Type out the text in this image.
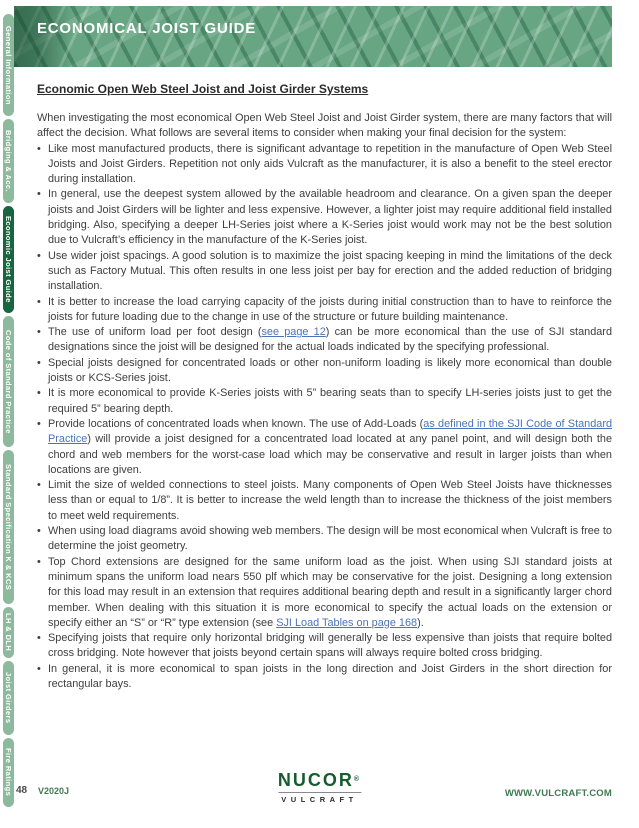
General Information
Bridging & Acc.
Economic Joist Guide
Code of Standard Practice
Standard Specification K & KCS
LH & DLH
Joist Girders
Fire Ratings
ECONOMICAL JOIST GUIDE
Economic Open Web Steel Joist and Joist Girder Systems

When investigating the most economical Open Web Steel Joist and Joist Girder system, there are many factors that will affect the decision. What follows are several items to consider when making your final decision for the system:

• Like most manufactured products, there is significant advantage to repetition in the manufacture of Open Web Steel Joists and Joist Girders. Repetition not only aids Vulcraft as the manufacturer, it is also a benefit to the steel erector during installation.
• In general, use the deepest system allowed by the available headroom and clearance. On a given span the deeper joists and Joist Girders will be lighter and less expensive. However, a lighter joist may require additional field installed bridging. Also, specifying a deeper LH-Series joist where a K-Series joist would work may not be the best solution due to Vulcraft’s efficiency in the manufacture of the K-Series joist.
• Use wider joist spacings. A good solution is to maximize the joist spacing keeping in mind the limitations of the deck such as Factory Mutual. This often results in one less joist per bay for erection and the added reduction of bridging installation.
• It is better to increase the load carrying capacity of the joists during initial construction than to have to reinforce the joists for future loading due to the change in use of the structure or future building maintenance.
• The use of uniform load per foot design (see page 12) can be more economical than the use of SJI standard designations since the joist will be designed for the actual loads indicated by the specifying professional.
• Special joists designed for concentrated loads or other non-uniform loading is likely more economical than double joists or KCS-Series joist.
• It is more economical to provide K-Series joists with 5” bearing seats than to specify LH-series joists just to get the required 5” bearing depth.
• Provide locations of concentrated loads when known. The use of Add-Loads (as defined in the SJI Code of Standard Practice) will provide a joist designed for a concentrated load located at any panel point, and will design both the chord and web members for the worst-case load which may be conservative and result in larger joists than when locations are given.
• Limit the size of welded connections to steel joists. Many components of Open Web Steel Joists have thicknesses less than or equal to 1/8”. It is better to increase the weld length than to increase the thickness of the joist members to meet weld requirements.
• When using load diagrams avoid showing web members. The design will be most economical when Vulcraft is free to determine the joist geometry.
• Top Chord extensions are designed for the same uniform load as the joist. When using SJI standard joists at minimum spans the uniform load nears 550 plf which may be conservative for the joist. Designing a long extension for this load may result in an extension that requires additional bearing depth and result in a significantly larger chord member. When dealing with this situation it is more economical to specify the actual loads on the extension or specify either an “S” or “R” type extension (see SJI Load Tables on page 168).
• Specifying joists that require only horizontal bridging will generally be less expensive than joists that require bolted cross bridging. Note however that joists beyond certain spans will always require bolted cross bridging.
• In general, it is more economical to span joists in the long direction and Joist Girders in the short direction for rectangular bays.
48 V2020J
NUCOR®
VULCRAFT
WWW.VULCRAFT.COM
